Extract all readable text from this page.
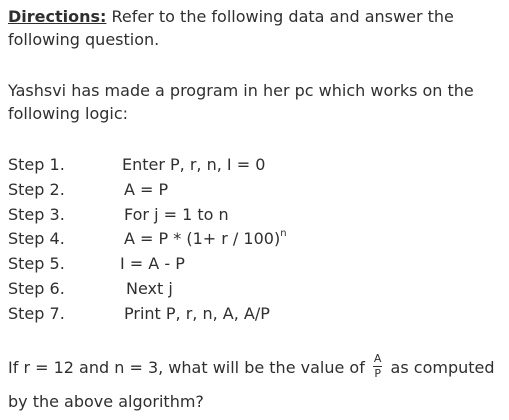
Directions: Refer to the following data and answer the following question.

Yashsvi has made a program in her pc which works on the following logic:

Step 1.	Enter P, r, n, I = 0
Step 2.	A = P
Step 3.	For j = 1 to n
Step 4.	$A = P * (1+ r / 100)^n$
Step 5.	I = A - P
Step 6.	Next j
Step 7.	Print P, r, n, A, A/P
If r = 12 and n = 3, what will be the value of $\frac{A}{P}$ as computed
by the above algorithm?
